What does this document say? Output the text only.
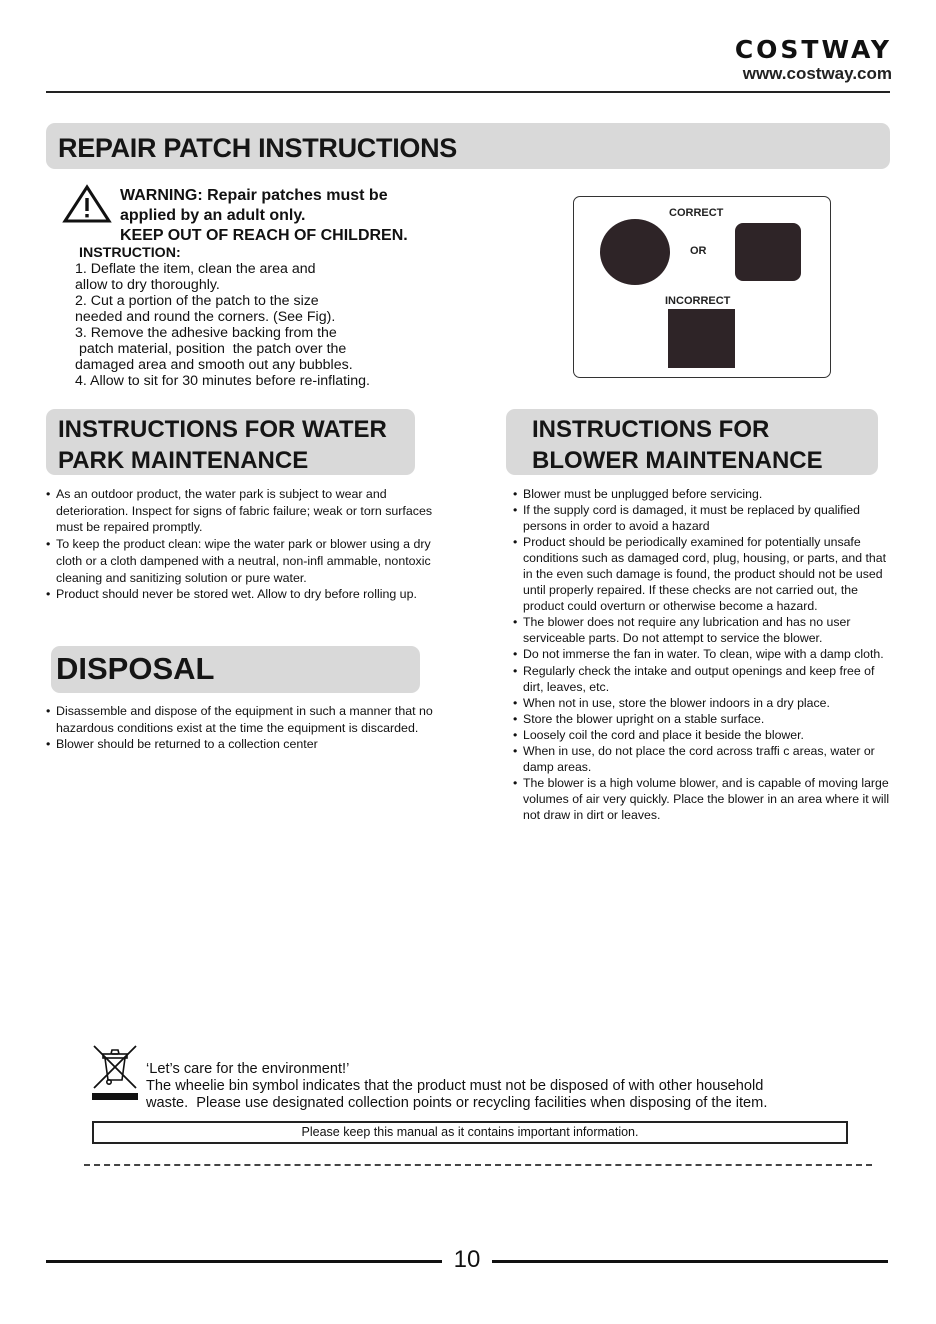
COSTWAY
www.costway.com
REPAIR PATCH INSTRUCTIONS
WARNING: Repair patches must be
applied by an adult only.
KEEP OUT OF REACH OF CHILDREN.
INSTRUCTION:
1. Deflate the item, clean the area and
allow to dry thoroughly.
2. Cut a portion of the patch to the size
needed and round the corners. (See Fig).
3. Remove the adhesive backing from the
patch material, position  the patch over the
damaged area and smooth out any bubbles.
4. Allow to sit for 30 minutes before re-inflating.
CORRECT
OR
INCORRECT
INSTRUCTIONS FOR WATER
PARK MAINTENANCE
• As an outdoor product, the water park is subject to wear and deterioration. Inspect for signs of fabric failure; weak or torn surfaces must be repaired promptly.
• To keep the product clean: wipe the water park or blower using a dry cloth or a cloth dampened with a neutral, non-infl ammable, nontoxic cleaning and sanitizing solution or pure water.
• Product should never be stored wet. Allow to dry before rolling up.
DISPOSAL
• Disassemble and dispose of the equipment in such a manner that no hazardous conditions exist at the time the equipment is discarded.
• Blower should be returned to a collection center
INSTRUCTIONS FOR
BLOWER MAINTENANCE
• Blower must be unplugged before servicing.
• If the supply cord is damaged, it must be replaced by qualified persons in order to avoid a hazard
• Product should be periodically examined for potentially unsafe conditions such as damaged cord, plug, housing, or parts, and that in the even such damage is found, the product should not be used until properly repaired. If these checks are not carried out, the product could overturn or otherwise become a hazard.
• The blower does not require any lubrication and has no user serviceable parts. Do not attempt to service the blower.
• Do not immerse the fan in water. To clean, wipe with a damp cloth.
• Regularly check the intake and output openings and keep free of dirt, leaves, etc.
• When not in use, store the blower indoors in a dry place.
• Store the blower upright on a stable surface.
• Loosely coil the cord and place it beside the blower.
• When in use, do not place the cord across traffi c areas, water or damp areas.
• The blower is a high volume blower, and is capable of moving large volumes of air very quickly. Place the blower in an area where it will not draw in dirt or leaves.
‘Let’s care for the environment!’
The wheelie bin symbol indicates that the product must not be disposed of with other household
waste.  Please use designated collection points or recycling facilities when disposing of the item.
Please keep this manual as it contains important information.
10
